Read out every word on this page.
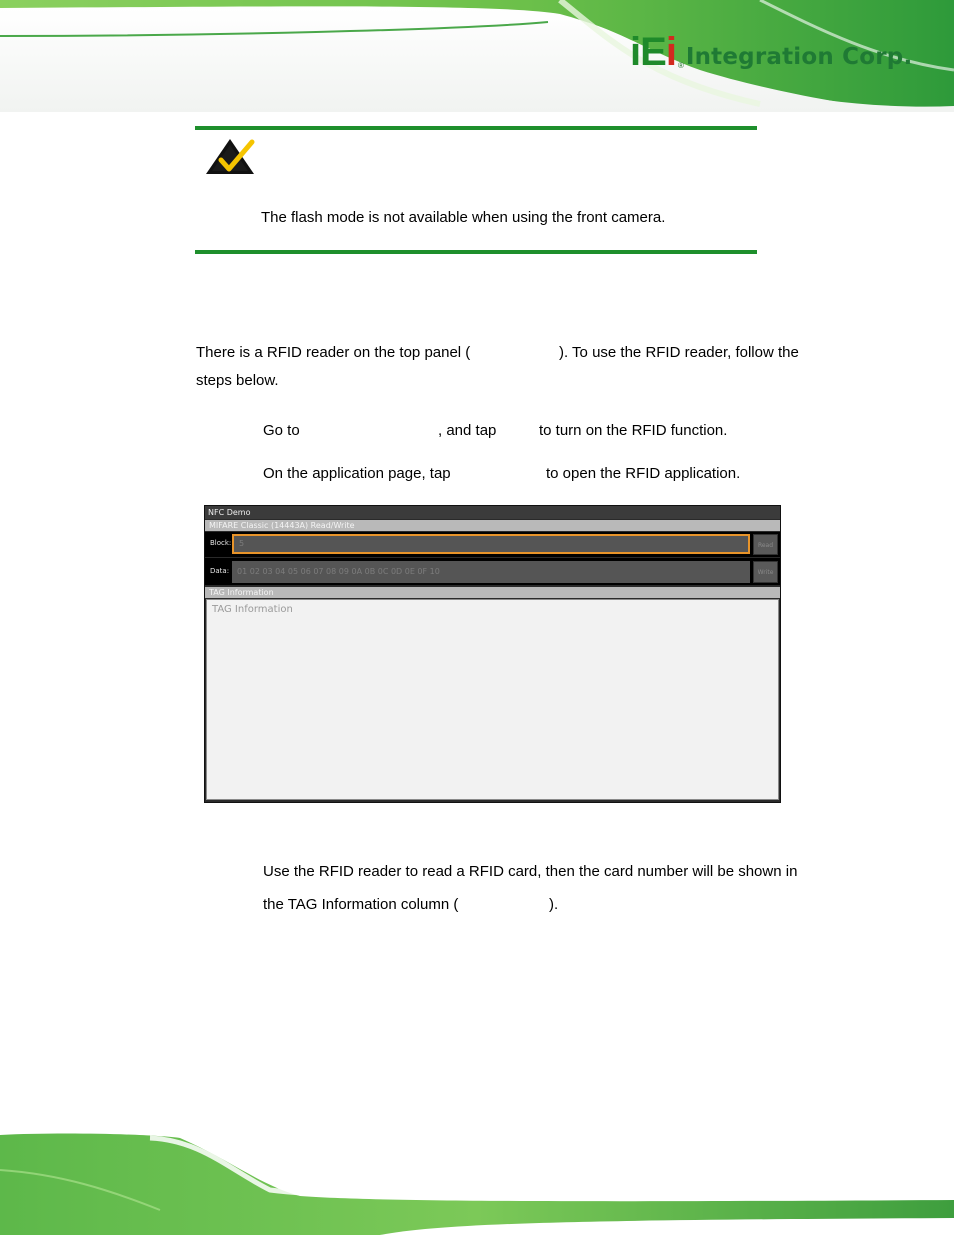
i E i ® Integration Corp.
The flash mode is not available when using the front camera.
There is a RFID reader on the top panel (	). To use the RFID reader, follow the
steps below.
Go to	, and tap	to turn on the RFID function.
On the application page, tap	to open the RFID application.
NFC Demo
MIFARE Classic (14443A) Read/Write
Block: 5	Read
Data: 01 02 03 04 05 06 07 08 09 0A 0B 0C 0D 0E 0F 10	Write
TAG Information
TAG Information
Use the RFID reader to read a RFID card, then the card number will be shown in
the TAG Information column (	).
